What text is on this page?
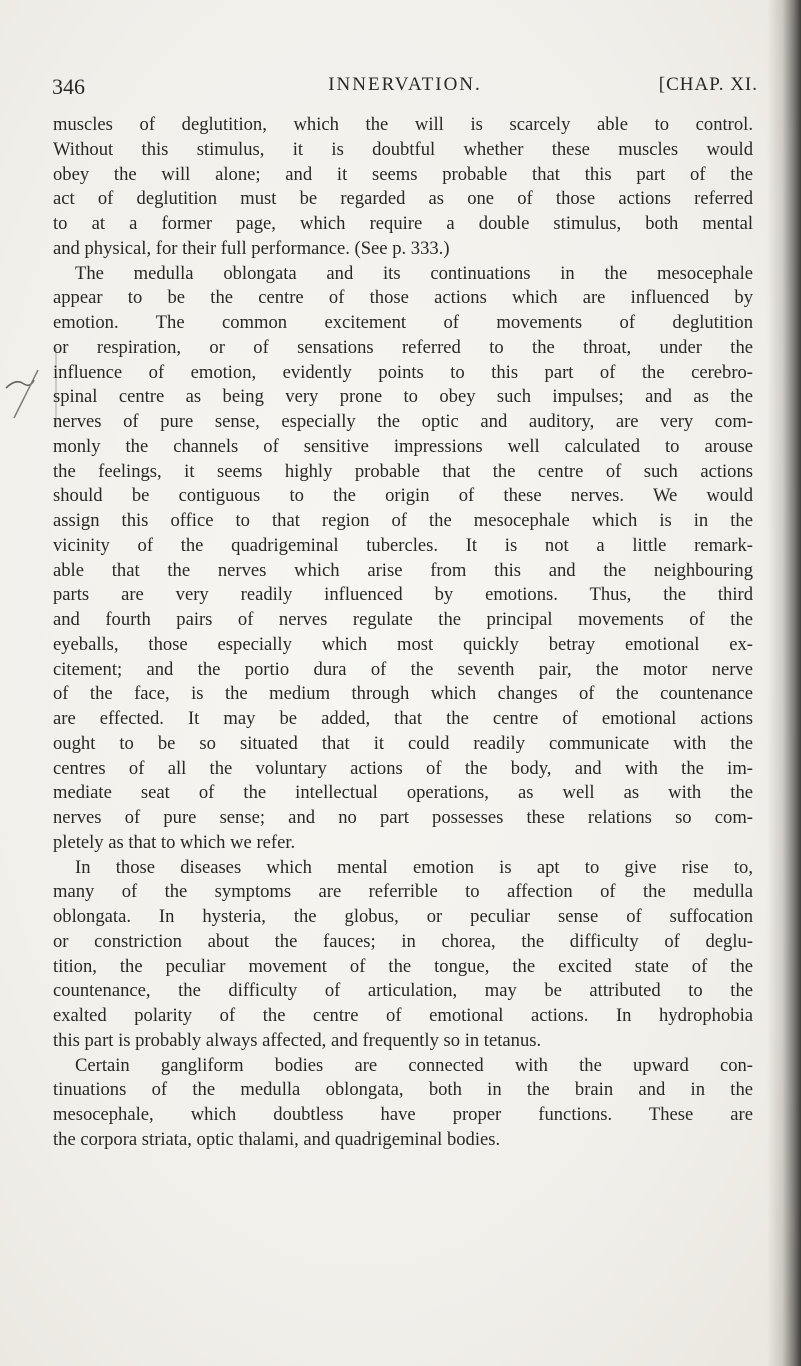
346	INNERVATION.	[CHAP. XI.
muscles of deglutition, which the will is scarcely able to control.
Without this stimulus, it is doubtful whether these muscles would
obey the will alone; and it seems probable that this part of the
act of deglutition must be regarded as one of those actions referred
to at a former page, which require a double stimulus, both mental
and physical, for their full performance. (See p. 333.)
The medulla oblongata and its continuations in the mesocephale
appear to be the centre of those actions which are influenced by
emotion. The common excitement of movements of deglutition
or respiration, or of sensations referred to the throat, under the
influence of emotion, evidently points to this part of the cerebro-
spinal centre as being very prone to obey such impulses; and as the
nerves of pure sense, especially the optic and auditory, are very com-
monly the channels of sensitive impressions well calculated to arouse
the feelings, it seems highly probable that the centre of such actions
should be contiguous to the origin of these nerves. We would
assign this office to that region of the mesocephale which is in the
vicinity of the quadrigeminal tubercles. It is not a little remark-
able that the nerves which arise from this and the neighbouring
parts are very readily influenced by emotions. Thus, the third
and fourth pairs of nerves regulate the principal movements of the
eyeballs, those especially which most quickly betray emotional ex-
citement; and the portio dura of the seventh pair, the motor nerve
of the face, is the medium through which changes of the countenance
are effected. It may be added, that the centre of emotional actions
ought to be so situated that it could readily communicate with the
centres of all the voluntary actions of the body, and with the im-
mediate seat of the intellectual operations, as well as with the
nerves of pure sense; and no part possesses these relations so com-
pletely as that to which we refer.
In those diseases which mental emotion is apt to give rise to,
many of the symptoms are referrible to affection of the medulla
oblongata. In hysteria, the globus, or peculiar sense of suffocation
or constriction about the fauces; in chorea, the difficulty of deglu-
tition, the peculiar movement of the tongue, the excited state of the
countenance, the difficulty of articulation, may be attributed to the
exalted polarity of the centre of emotional actions. In hydrophobia
this part is probably always affected, and frequently so in tetanus.
Certain gangliform bodies are connected with the upward con-
tinuations of the medulla oblongata, both in the brain and in the
mesocephale, which doubtless have proper functions. These are
the corpora striata, optic thalami, and quadrigeminal bodies.
